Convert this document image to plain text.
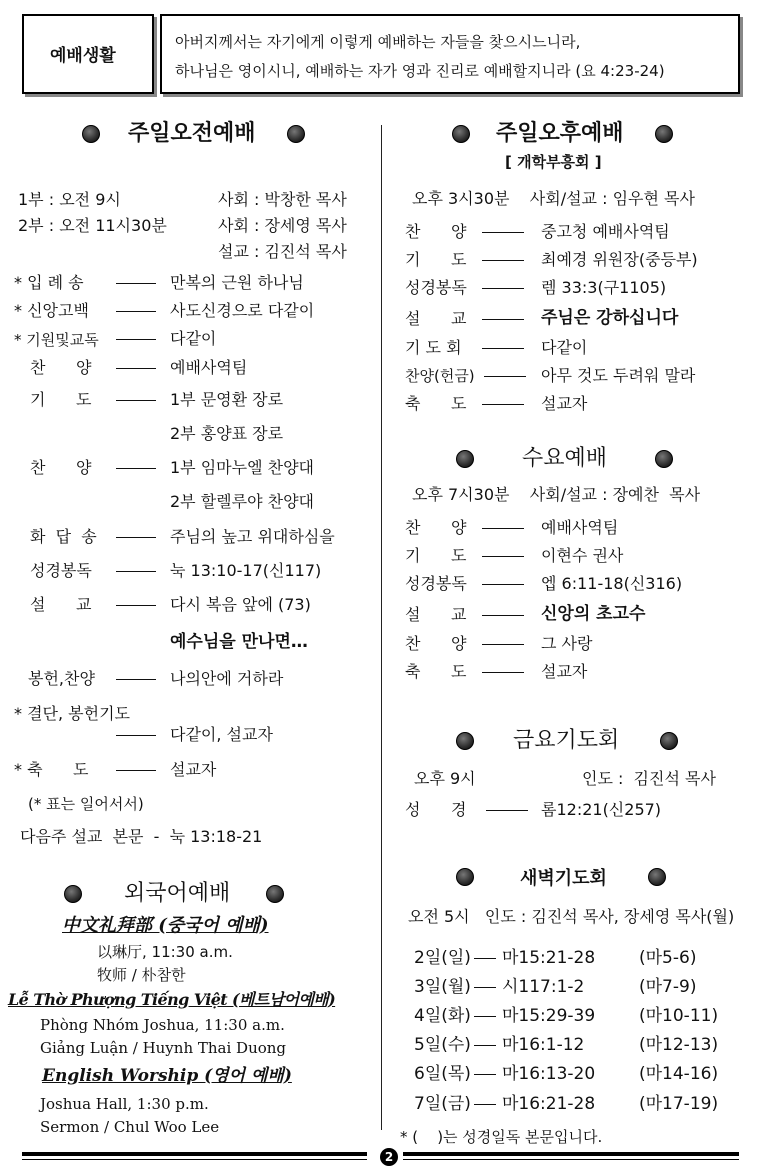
예배생활
아버지께서는 자기에게 이렇게 예배하는 자들을 찾으시느니라,
하나님은 영이시니, 예배하는 자가 영과 진리로 예배할지니라 (요 4:23-24)
주일오전예배
1부 : 오전 9시	사회 : 박창한 목사
2부 : 오전 11시30분	사회 : 장세영 목사
설교 : 김진석 목사
* 입 례 송	만복의 근원 하나님
* 신앙고백	사도신경으로 다같이
* 기원및교독	다같이
찬      양	예배사역팀
기      도	1부 문영환 장로
2부 홍양표 장로
찬      양	1부 임마누엘 찬양대
2부 할렐루야 찬양대
화  답  송	주님의 높고 위대하심을
성경봉독	눅 13:10-17(신117)
설      교	다시 복음 앞에 (73)
예수님을 만나면…
봉헌,찬양	나의안에 거하라
* 결단, 봉헌기도
다같이, 설교자
* 축      도	설교자
(* 표는 일어서서)
다음주 설교  본문  -  눅 13:18-21
외국어예배
中文礼拜部 (중국어 예배)
以琳厅, 11:30 a.m.
牧师 / 朴참한
Lễ Thờ Phượng Tiếng Việt (베트남어예배)
Phòng Nhóm Joshua, 11:30 a.m.
Giảng Luận / Huynh Thai Duong
English Worship (영어 예배)
Joshua Hall, 1:30 p.m.
Sermon / Chul Woo Lee
주일오후예배
[ 개학부흥회 ]
오후 3시30분    사회/설교 : 임우현 목사
찬      양	중고청 예배사역팀
기      도	최예경 위원장(중등부)
성경봉독	렘 33:3(구1105)
설      교	주님은 강하십니다
기 도 회	다같이
찬양(헌금)	아무 것도 두려워 말라
축      도	설교자
수요예배
오후 7시30분    사회/설교 : 장예찬  목사
찬      양	예배사역팀
기      도	이현수 권사
성경봉독	엡 6:11-18(신316)
설      교	신앙의 초고수
찬      양	그 사랑
축      도	설교자
금요기도회
오후 9시	인도 :  김진석 목사
성      경	롬12:21(신257)
새벽기도회
오전 5시   인도 : 김진석 목사, 장세영 목사(월)
2일(일) 마15:21-28	(마5-6)
3일(월) 시117:1-2	(마7-9)
4일(화) 마15:29-39	(마10-11)
5일(수) 마16:1-12	(마12-13)
6일(목) 마16:13-20	(마14-16)
7일(금) 마16:21-28	(마17-19)
* (    )는 성경일독 본문입니다.
2
